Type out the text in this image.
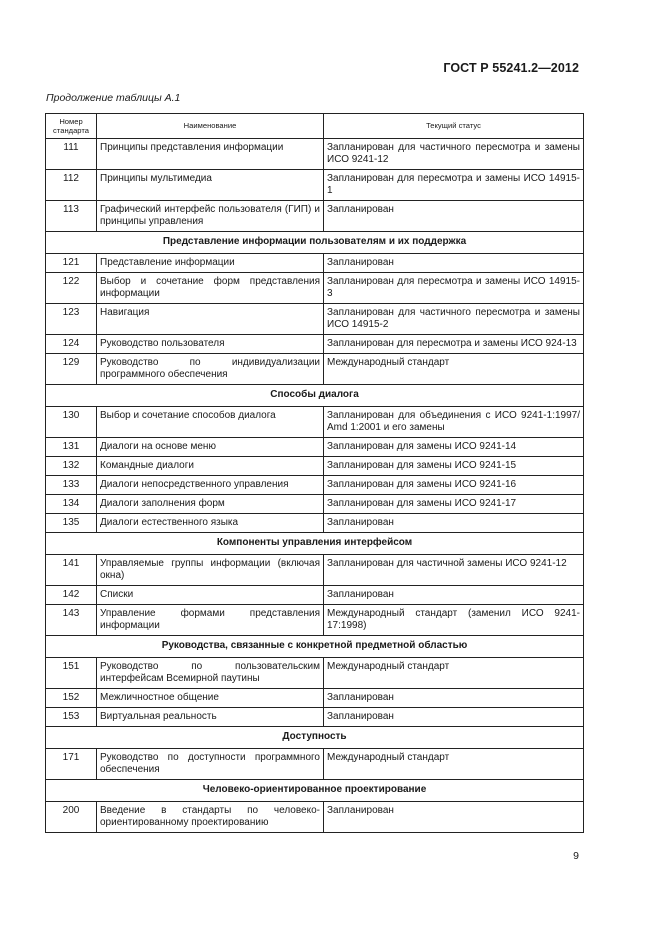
ГОСТ Р 55241.2—2012
Продолжение таблицы А.1
Номер стандарта	Наименование	Текущий статус
111	Принципы представления информации	Запланирован для частичного пересмотра и замены ИСО 9241-12
112	Принципы мультимедиа	Запланирован для пересмотра и замены ИСО 14915-1
113	Графический интерфейс пользователя (ГИП) и принципы управления	Запланирован
Представление информации пользователям и их поддержка		
121	Представление информации	Запланирован
122	Выбор и сочетание форм представления информации	Запланирован для пересмотра и замены ИСО 14915-3
123	Навигация	Запланирован для частичного пересмотра и замены ИСО 14915-2
124	Руководство пользователя	Запланирован для пересмотра и замены ИСО 924-13
129	Руководство по индивидуализации программного обеспечения	Международный стандарт
Способы диалога		
130	Выбор и сочетание способов диалога	Запланирован для объединения с ИСО 9241-1:1997/ Amd 1:2001 и его замены
131	Диалоги на основе меню	Запланирован для замены ИСО 9241-14
132	Командные диалоги	Запланирован для замены ИСО 9241-15
133	Диалоги непосредственного управления	Запланирован для замены ИСО 9241-16
134	Диалоги заполнения форм	Запланирован для замены ИСО 9241-17
135	Диалоги естественного языка	Запланирован
Компоненты управления интерфейсом		
141	Управляемые группы информации (включая окна)	Запланирован для частичной замены ИСО 9241-12
142	Списки	Запланирован
143	Управление формами представления информации	Международный стандарт (заменил ИСО 9241-17:1998)
Руководства, связанные с конкретной предметной областью		
151	Руководство по пользовательским интерфейсам Всемирной паутины	Международный стандарт
152	Межличностное общение	Запланирован
153	Виртуальная реальность	Запланирован
Доступность		
171	Руководство по доступности программного обеспечения	Международный стандарт
Человеко-ориентированное проектирование		
200	Введение в стандарты по человеко-ориентированному проектированию	Запланирован
9
